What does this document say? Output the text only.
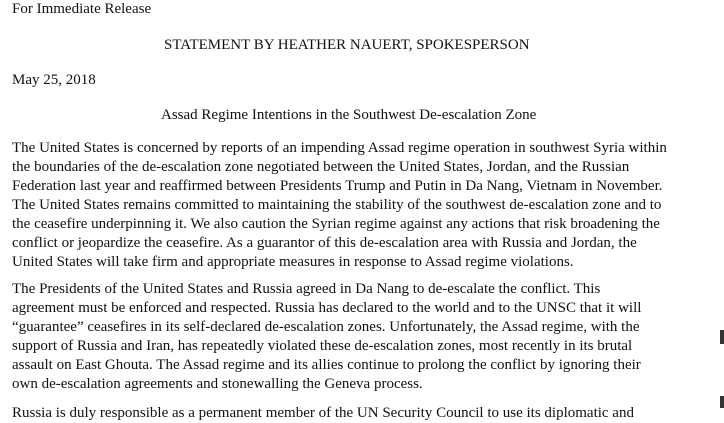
For Immediate Release
STATEMENT BY HEATHER NAUERT, SPOKESPERSON
May 25, 2018
Assad Regime Intentions in the Southwest De-escalation Zone
The United States is concerned by reports of an impending Assad regime operation in southwest Syria within
the boundaries of the de-escalation zone negotiated between the United States, Jordan, and the Russian
Federation last year and reaffirmed between Presidents Trump and Putin in Da Nang, Vietnam in November.
The United States remains committed to maintaining the stability of the southwest de-escalation zone and to
the ceasefire underpinning it. We also caution the Syrian regime against any actions that risk broadening the
conflict or jeopardize the ceasefire. As a guarantor of this de-escalation area with Russia and Jordan, the
United States will take firm and appropriate measures in response to Assad regime violations.
The Presidents of the United States and Russia agreed in Da Nang to de-escalate the conflict. This
agreement must be enforced and respected. Russia has declared to the world and to the UNSC that it will
“guarantee” ceasefires in its self-declared de-escalation zones. Unfortunately, the Assad regime, with the
support of Russia and Iran, has repeatedly violated these de-escalation zones, most recently in its brutal
assault on East Ghouta. The Assad regime and its allies continue to prolong the conflict by ignoring their
own de-escalation agreements and stonewalling the Geneva process.
Russia is duly responsible as a permanent member of the UN Security Council to use its diplomatic and
